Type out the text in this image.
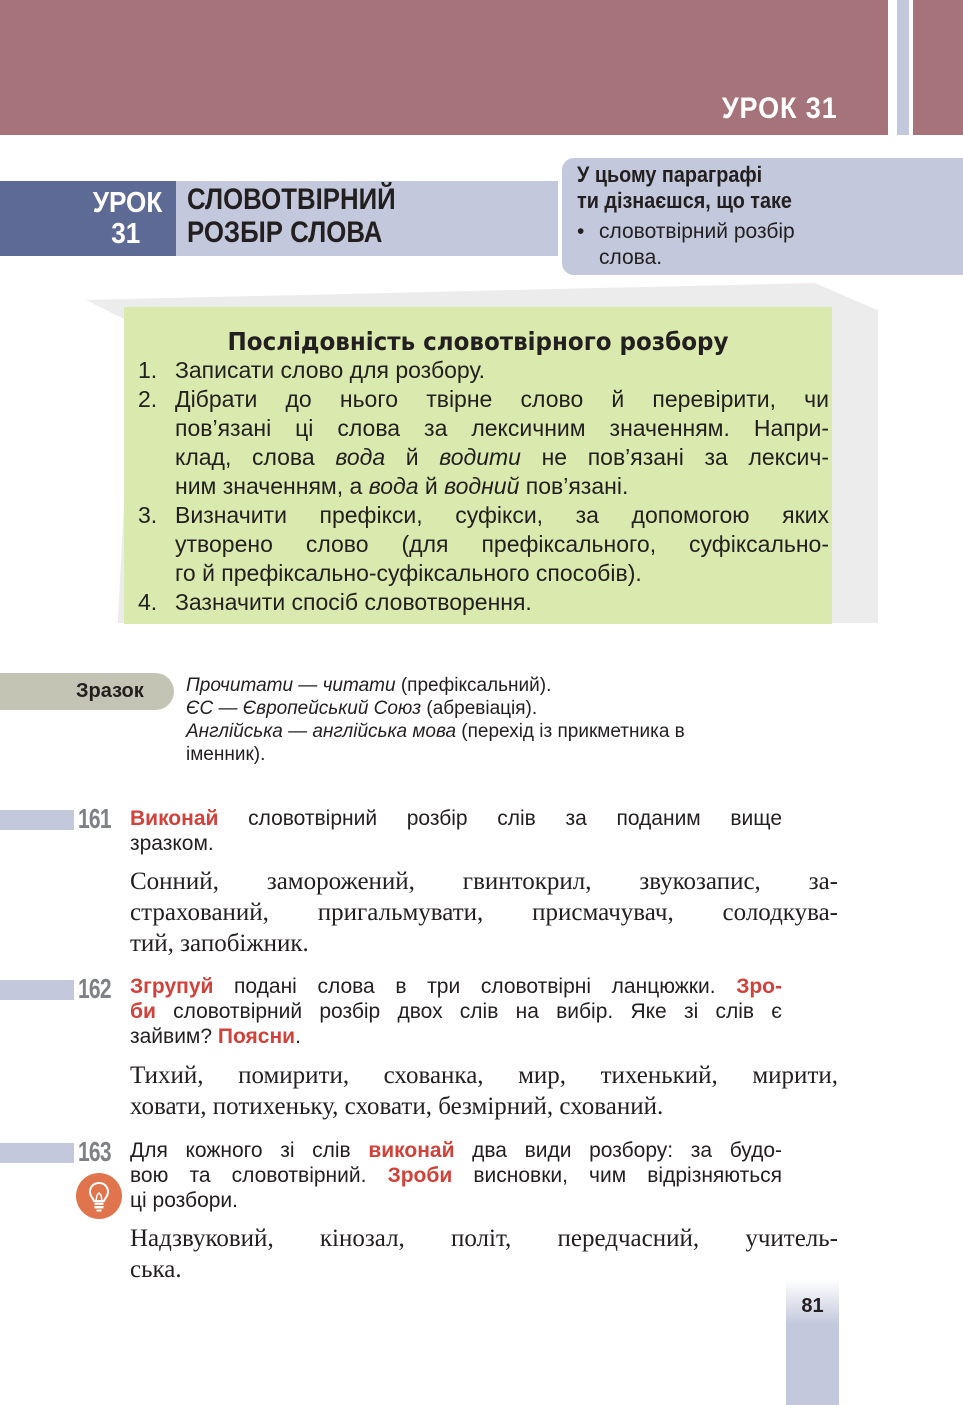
УРОК 31
УРОК
31
СЛОВОТВІРНИЙ
РОЗБІР СЛОВА
У цьому параграфі
ти дізнаєшся, що таке
• словотвірний розбір
слова.
Послідовність словотвірного розбору
1. Записати слово для розбору.
2. Дібрати до нього твірне слово й перевірити, чи
пов’язані ці слова за лексичним значенням. Напри-
клад, слова вода й водити не пов’язані за лексич-
ним значенням, а вода й водний пов’язані.
3. Визначити префікси, суфікси, за допомогою яких
утворено слово (для префіксального, суфіксально-
го й префіксально-суфіксального способів).
4. Зазначити спосіб словотворення.
Зразок Прочитати — читати (префіксальний).
ЄС — Європейський Союз (абревіація).
Англійська — англійська мова (перехід із прикметника в
іменник).
161 Виконай словотвірний розбір слів за поданим вище
зразком.
Сонний, заморожений, гвинтокрил, звукозапис, за-
страхований, пригальмувати, присмачувач, солодкува-
тий, запобіжник.
162 Згрупуй подані слова в три словотвірні ланцюжки. Зро-
би словотвірний розбір двох слів на вибір. Яке зі слів є
зайвим? Поясни.
Тихий, помирити, схованка, мир, тихенький, мирити,
ховати, потихеньку, сховати, безмірний, схований.
163 Для кожного зі слів виконай два види розбору: за будо-
вою та словотвірний. Зроби висновки, чим відрізняються
ці розбори.
Надзвуковий, кінозал, політ, передчасний, учитель-
ська.
81
